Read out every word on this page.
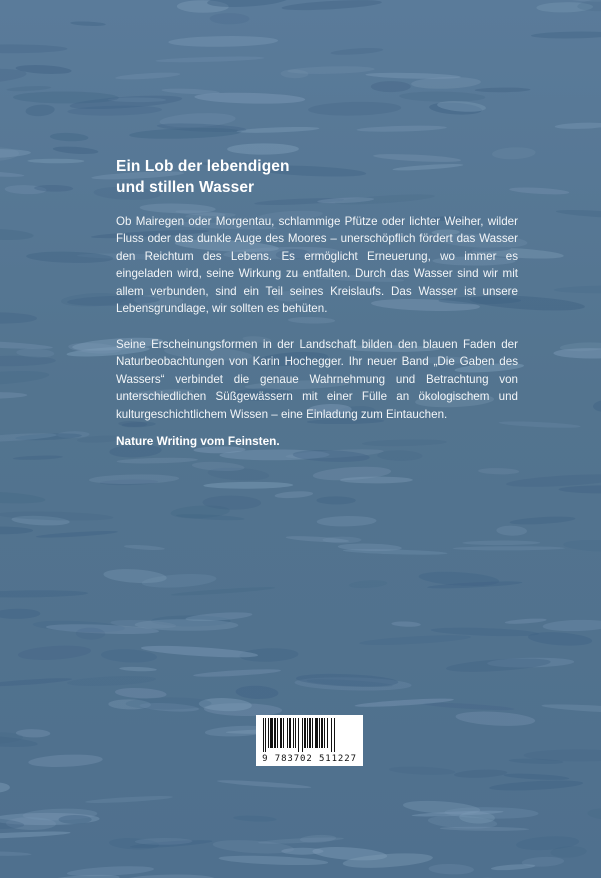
Ein Lob der lebendigen
und stillen Wasser

Ob Mairegen oder Morgentau, schlammige Pfütze oder lichter Weiher, wilder Fluss oder das dunkle Auge des Moores – unerschöpflich fördert das Wasser den Reichtum des Lebens. Es ermöglicht Erneuerung, wo immer es eingeladen wird, seine Wirkung zu entfalten. Durch das Wasser sind wir mit allem verbunden, sind ein Teil seines Kreislaufs. Das Wasser ist unsere Lebensgrundlage, wir sollten es behüten.

Seine Erscheinungsformen in der Landschaft bilden den blauen Faden der Naturbeobachtungen von Karin Hochegger. Ihr neuer Band „Die Gaben des Wassers“ verbindet die genaue Wahrnehmung und Betrachtung von unterschiedlichen Süßgewässern mit einer Fülle an ökologischem und kulturgeschichtlichem Wissen – eine Einladung zum Eintauchen.

Nature Writing vom Feinsten.

9 783702 511227
